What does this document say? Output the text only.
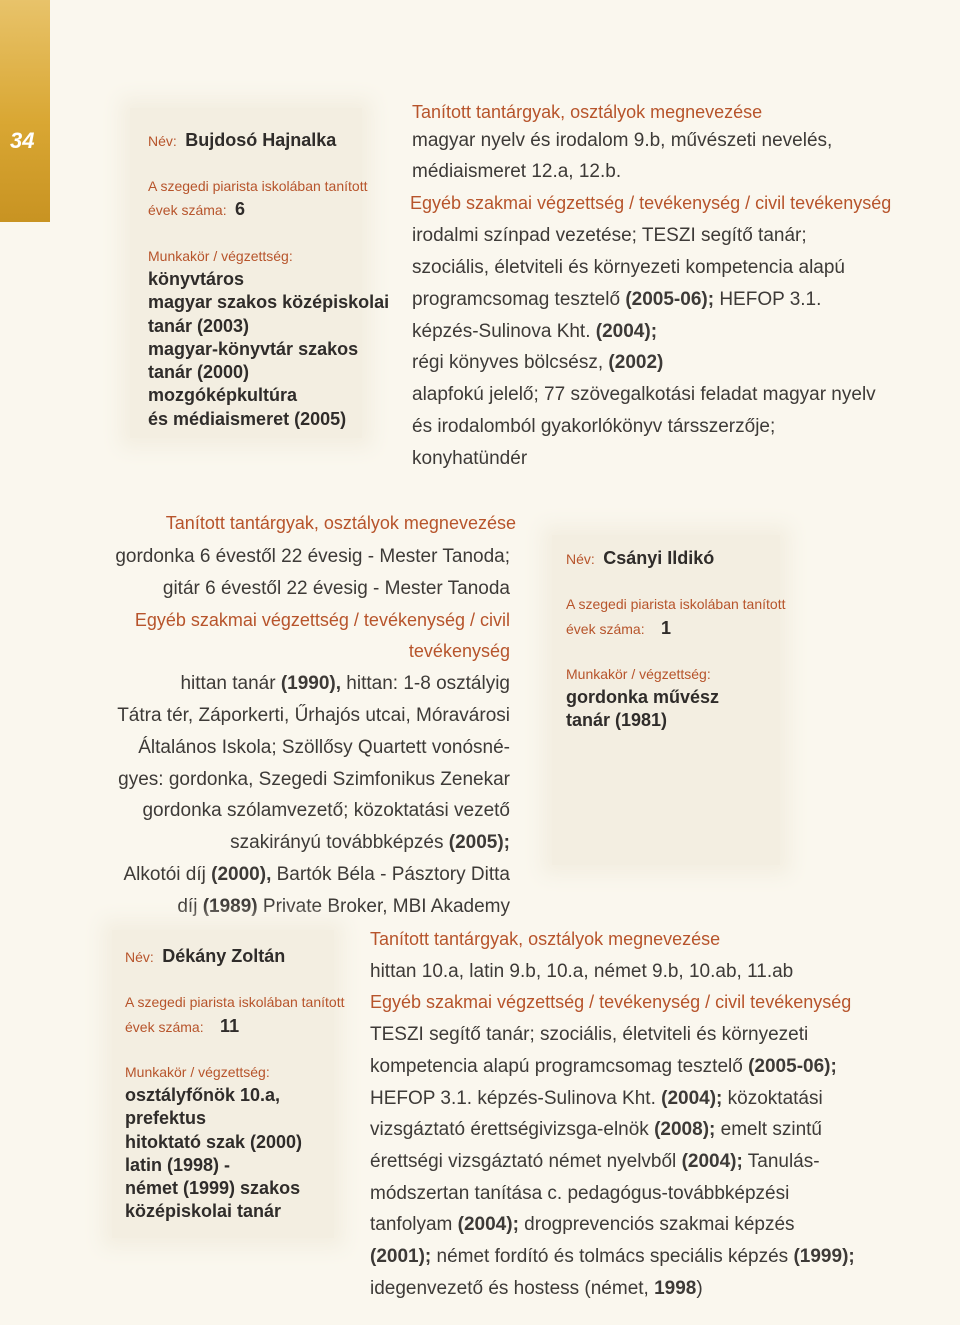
34	Név: Bujdosó Hajnalka
A szegedi piarista iskolában tanított
évek száma: 6
Munkakör / végzettség:
könyvtáros
magyar szakos középiskolai
tanár (2003)
magyar-könyvtár szakos
tanár (2000)
mozgóképkultúra
és médiaismeret (2005)
Tanított tantárgyak, osztályok megnevezése
magyar nyelv és irodalom 9.b, művészeti nevelés,
médiaismeret 12.a, 12.b.
Egyéb szakmai végzettség / tevékenység / civil tevékenység
irodalmi színpad vezetése; TESZI segítő tanár;
szociális, életviteli és környezeti kompetencia alapú
programcsomag tesztelő (2005-06); HEFOP 3.1.
képzés-Sulinova Kht. (2004);
régi könyves bölcsész, (2002)
alapfokú jelelő; 77 szövegalkotási feladat magyar nyelv
és irodalomból gyakorlókönyv társszerzője;
konyhatündér
Tanított tantárgyak, osztályok megnevezése
gordonka 6 évestől 22 évesig - Mester Tanoda;
gitár 6 évestől 22 évesig - Mester Tanoda
Egyéb szakmai végzettség / tevékenység / civil tevékenység
hittan tanár (1990), hittan: 1-8 osztályig
Tátra tér, Záporkerti, Űrhajós utcai, Móravárosi
Általános Iskola; Szöllősy Quartett vonósné-
gyes: gordonka, Szegedi Szimfonikus Zenekar
gordonka szólamvezető; közoktatási vezető
szakirányú továbbképzés (2005);
Alkotói díj (2000), Bartók Béla - Pásztory Ditta
díj (1989) Private Broker, MBI Akademy
Név: Csányi Ildikó
A szegedi piarista iskolában tanított
évek száma: 1
Munkakör / végzettség:
gordonka művész
tanár (1981)
Név: Dékány Zoltán
A szegedi piarista iskolában tanított
évek száma: 11
Munkakör / végzettség:
osztályfőnök 10.a,
prefektus
hitoktató szak (2000)
latin (1998) -
német (1999) szakos
középiskolai tanár
Tanított tantárgyak, osztályok megnevezése
hittan 10.a, latin 9.b, 10.a, német 9.b, 10.ab, 11.ab
Egyéb szakmai végzettség / tevékenység / civil tevékenység
TESZI segítő tanár; szociális, életviteli és környezeti
kompetencia alapú programcsomag tesztelő (2005-06);
HEFOP 3.1. képzés-Sulinova Kht. (2004); közoktatási
vizsgáztató érettségivizsga-elnök (2008); emelt szintű
érettségi vizsgáztató német nyelvből (2004); Tanulás-
módszertan tanítása c. pedagógus-továbbképzési
tanfolyam (2004); drogprevenciós szakmai képzés
(2001); német fordító és tolmács speciális képzés (1999);
idegenvezető és hostess (német, 1998)
